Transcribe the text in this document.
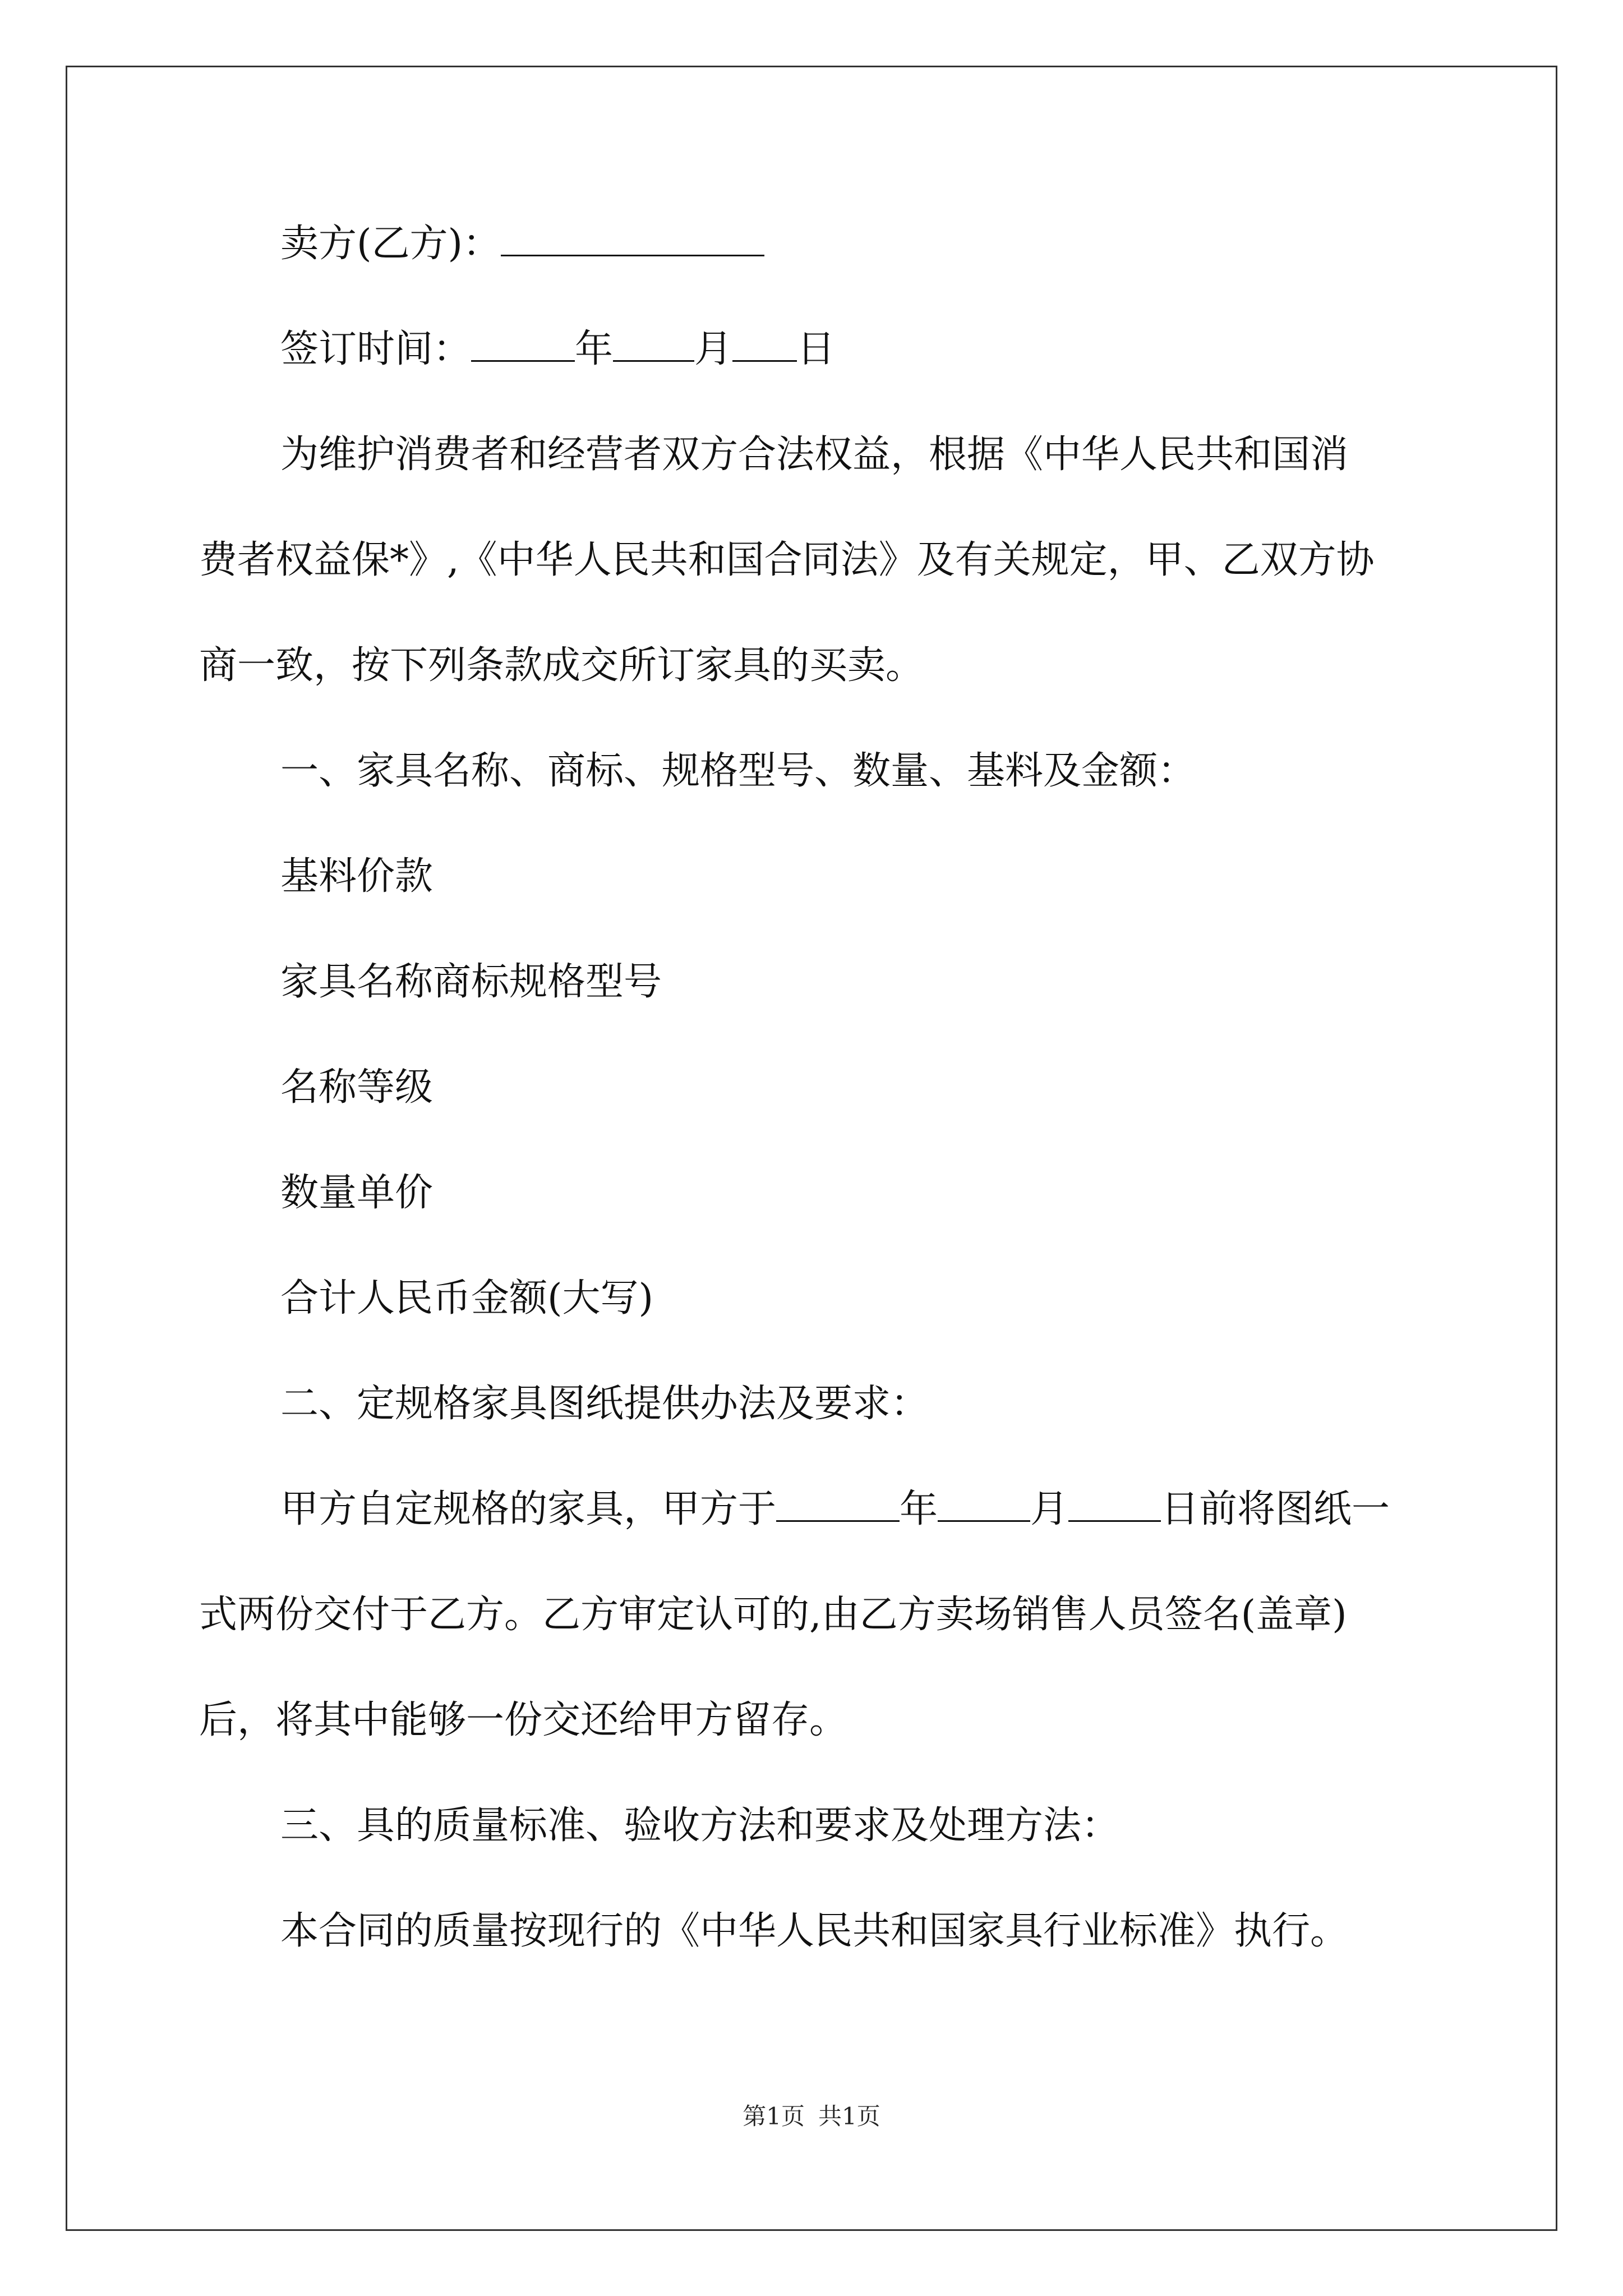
卖方(乙方)：
签订时间：	年 月 日
为维护消费者和经营者双方合法权益，根据《中华人民共和国消
费者权益保*》,《中华人民共和国合同法》及有关规定，甲、乙双方协
商一致，按下列条款成交所订家具的买卖。
一、家具名称、商标、规格型号、数量、基料及金额：
基料价款
家具名称商标规格型号
名称等级
数量单价
合计人民币金额(大写)
二、定规格家具图纸提供办法及要求：
甲方自定规格的家具，甲方于	年 月 日前将图纸一
式两份交付于乙方。乙方审定认可的,由乙方卖场销售人员签名(盖章)
后，将其中能够一份交还给甲方留存。
三、具的质量标准、验收方法和要求及处理方法：
本合同的质量按现行的《中华人民共和国家具行业标准》执行。
第1页 共1页
